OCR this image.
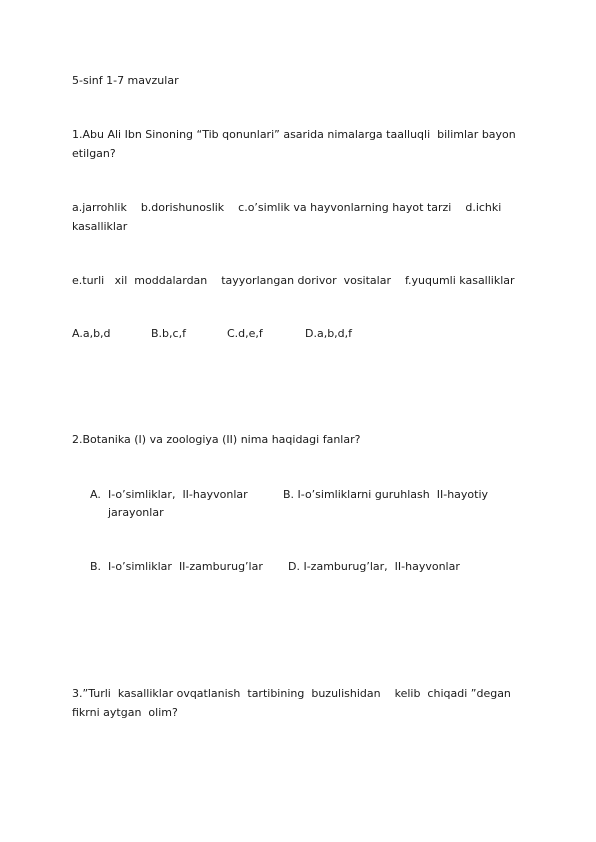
5-sinf 1-7 mavzular
1.Abu Ali Ibn Sinoning “Tib qonunlari” asarida nimalarga taalluqli  bilimlar bayon
etilgan?
a.jarrohlik    b.dorishunoslik    c.o’simlik va hayvonlarning hayot tarzi    d.ichki
kasalliklar
e.turli   xil  moddalardan    tayyorlangan dorivor  vositalar    f.yuqumli kasalliklar
A.a,b,d	B.b,c,f	C.d,e,f	D.a,b,d,f
2.Botanika (I) va zoologiya (II) nima haqidagi fanlar?
A. I-o’simliklar,  II-hayvonlar	B. I-o’simliklarni guruhlash  II-hayotiy
jarayonlar
B. I-o’simliklar  II-zamburug’lar D. I-zamburug’lar,  II-hayvonlar
3.”Turli  kasalliklar ovqatlanish  tartibining  buzulishidan    kelib  chiqadi ”degan
fikrni aytgan  olim?
